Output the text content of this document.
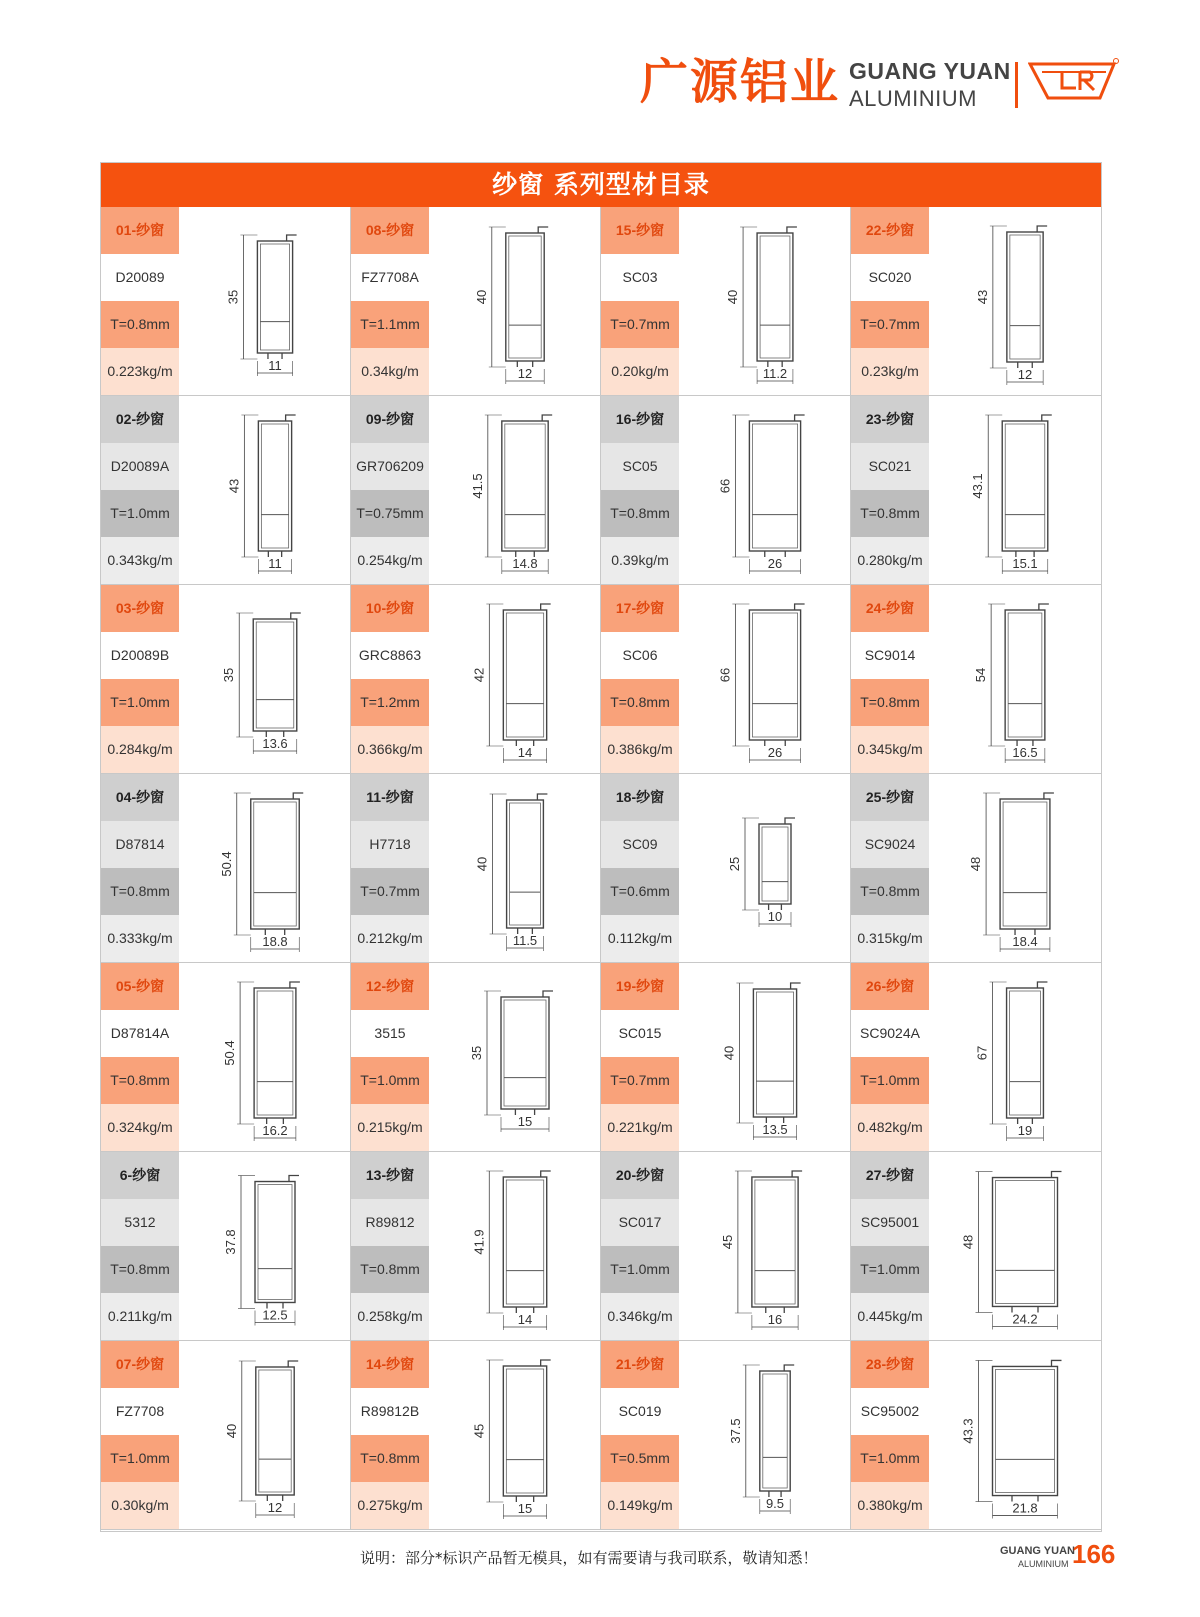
广源铝业 GUANG YUAN
ALUMINIUM
纱窗 系列型材目录
01-纱窗
D20089
T=0.8mm
0.223kg/m
35
11
08-纱窗
FZ7708A
T=1.1mm
0.34kg/m
40
12
15-纱窗
SC03
T=0.7mm
0.20kg/m
40
11.2
22-纱窗
SC020
T=0.7mm
0.23kg/m
43
12
02-纱窗
D20089A
T=1.0mm
0.343kg/m
43
11
09-纱窗
GR706209
T=0.75mm
0.254kg/m
41.5
14.8
16-纱窗
SC05
T=0.8mm
0.39kg/m
66
26
23-纱窗
SC021
T=0.8mm
0.280kg/m
43.1
15.1
03-纱窗
D20089B
T=1.0mm
0.284kg/m
35
13.6
10-纱窗
GRC8863
T=1.2mm
0.366kg/m
42
14
17-纱窗
SC06
T=0.8mm
0.386kg/m
66
26
24-纱窗
SC9014
T=0.8mm
0.345kg/m
54
16.5
04-纱窗
D87814
T=0.8mm
0.333kg/m
50.4
18.8
11-纱窗
H7718
T=0.7mm
0.212kg/m
40
11.5
18-纱窗
SC09
T=0.6mm
0.112kg/m
25
10
25-纱窗
SC9024
T=0.8mm
0.315kg/m
48
18.4
05-纱窗
D87814A
T=0.8mm
0.324kg/m
50.4
16.2
12-纱窗
3515
T=1.0mm
0.215kg/m
35
15
19-纱窗
SC015
T=0.7mm
0.221kg/m
40
13.5
26-纱窗
SC9024A
T=1.0mm
0.482kg/m
67
19
6-纱窗
5312
T=0.8mm
0.211kg/m
37.8
12.5
13-纱窗
R89812
T=0.8mm
0.258kg/m
41.9
14
20-纱窗
SC017
T=1.0mm
0.346kg/m
45
16
27-纱窗
SC95001
T=1.0mm
0.445kg/m
48
24.2
07-纱窗
FZ7708
T=1.0mm
0.30kg/m
40
12
14-纱窗
R89812B
T=0.8mm
0.275kg/m
45
15
21-纱窗
SC019
T=0.5mm
0.149kg/m
37.5
9.5
28-纱窗
SC95002
T=1.0mm
0.380kg/m
43.3
21.8
说明：部分*标识产品暂无模具，如有需要请与我司联系，敬请知悉！	GUANG YUAN
ALUMINIUM 166
